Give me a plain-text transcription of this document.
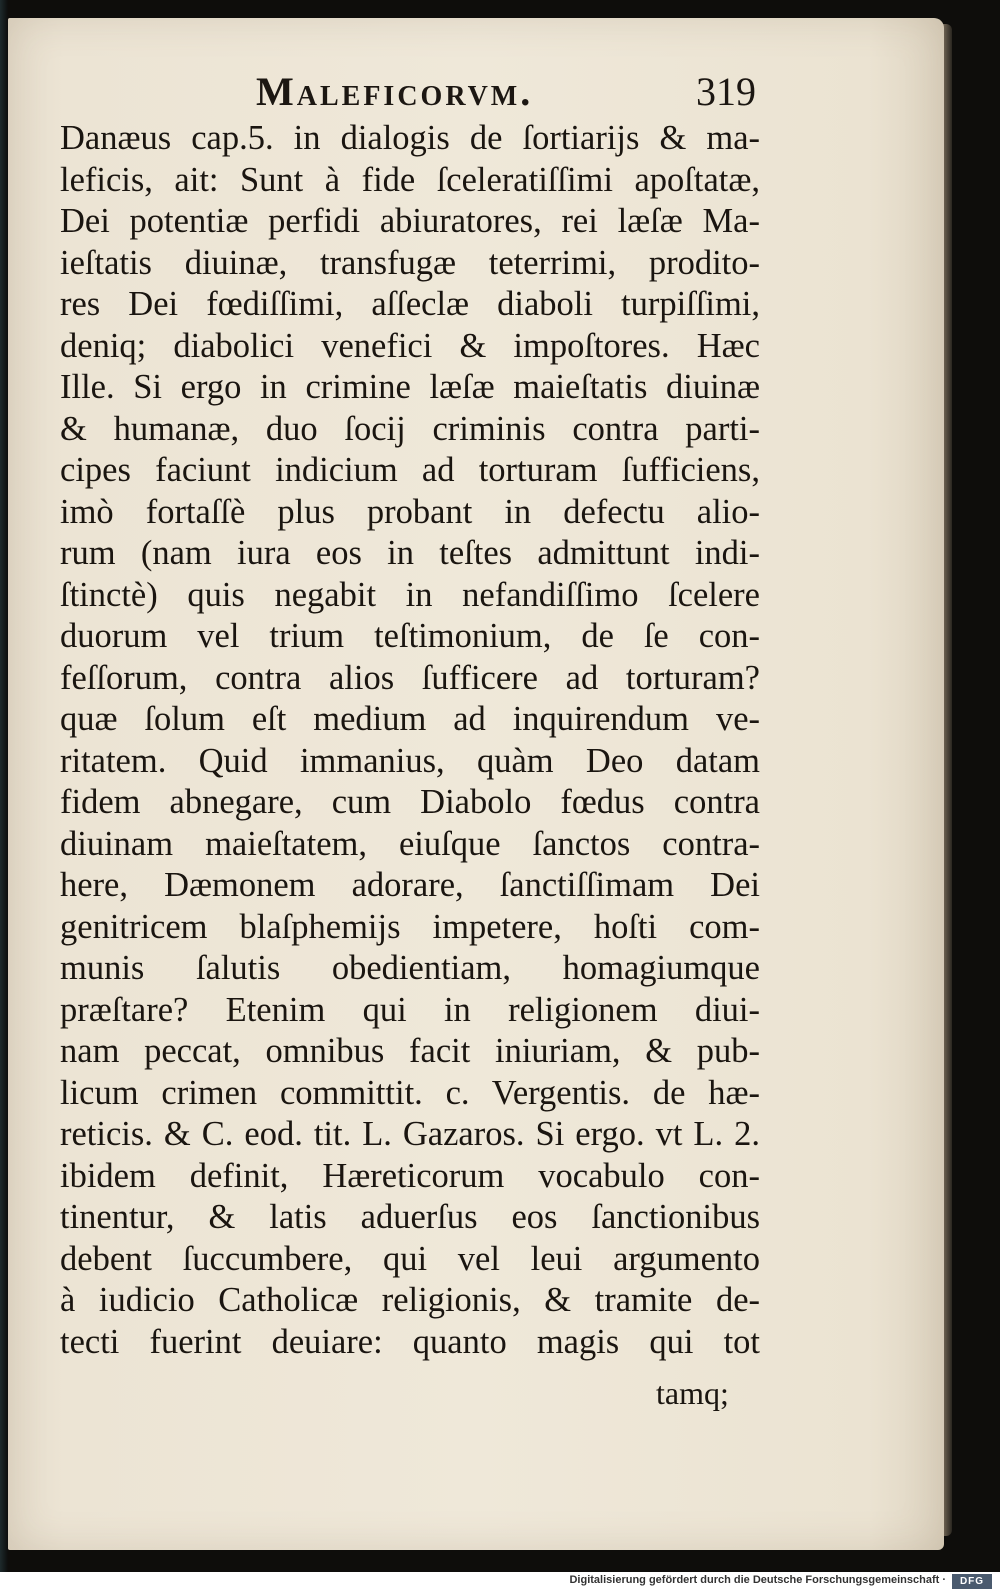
Maleficorvm.	319
Danæus cap.5. in dialogis de ſortiarijs & ma-
leficis, ait: Sunt à fide ſceleratiſſimi apoſtatæ,
Dei potentiæ perfidi abiuratores, rei læſæ Ma-
ieſtatis diuinæ, transfugæ teterrimi, prodito-
res Dei fœdiſſimi, aſſeclæ diaboli turpiſſimi,
deniq; diabolici venefici & impoſtores. Hæc
Ille. Si ergo in crimine læſæ maieſtatis diuinæ
& humanæ, duo ſocij criminis contra parti-
cipes faciunt indicium ad torturam ſufficiens,
imò fortaſſè plus probant in defectu alio-
rum (nam iura eos in teſtes admittunt indi-
ſtinctè) quis negabit in nefandiſſimo ſcelere
duorum vel trium teſtimonium, de ſe con-
feſſorum, contra alios ſufficere ad torturam?
quæ ſolum eſt medium ad inquirendum ve-
ritatem. Quid immanius, quàm Deo datam
fidem abnegare, cum Diabolo fœdus contra
diuinam maieſtatem, eiuſque ſanctos contra-
here, Dæmonem adorare, ſanctiſſimam Dei
genitricem blaſphemijs impetere, hoſti com-
munis ſalutis obedientiam, homagiumque
præſtare? Etenim qui in religionem diui-
nam peccat, omnibus facit iniuriam, & pub-
licum crimen committit. c. Vergentis. de hæ-
reticis. & C. eod. tit. L. Gazaros. Si ergo. vt L. 2.
ibidem definit, Hæreticorum vocabulo con-
tinentur, & latis aduerſus eos ſanctionibus
debent ſuccumbere, qui vel leui argumento
à iudicio Catholicæ religionis, & tramite de-
tecti fuerint deuiare: quanto magis qui tot
tamq;
Digitalisierung gefördert durch die Deutsche Forschungsgemeinschaft ·	DFG
